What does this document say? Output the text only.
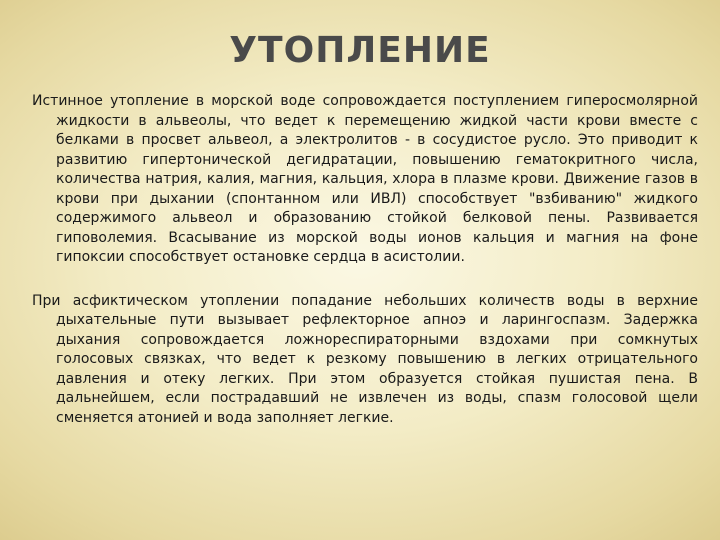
УТОПЛЕНИЕ

Истинное утопление в морской воде сопровождается поступлением гиперосмолярной жидкости в альвеолы, что ведет к перемещению жидкой части крови вместе с белками в просвет альвеол, а электролитов - в сосудистое русло. Это приводит к развитию гипертонической дегидратации, повышению гематокритного числа, количества натрия, калия, магния, кальция, хлора в плазме крови. Движение газов в крови при дыхании (спонтанном или ИВЛ) способствует "взбиванию" жидкого содержимого альвеол и образованию стойкой белковой пены. Развивается гиповолемия. Всасывание из морской воды ионов кальция и магния на фоне гипоксии способствует остановке сердца в асистолии.

При асфиктическом утоплении попадание небольших количеств воды в верхние дыхательные пути вызывает рефлекторное апноэ и ларингоспазм. Задержка дыхания сопровождается ложнореспираторными вздохами при сомкнутых голосовых связках, что ведет к резкому повышению в легких отрицательного давления и отеку легких. При этом образуется стойкая пушистая пена. В дальнейшем, если пострадавший не извлечен из воды, спазм голосовой щели сменяется атонией и вода заполняет легкие.
